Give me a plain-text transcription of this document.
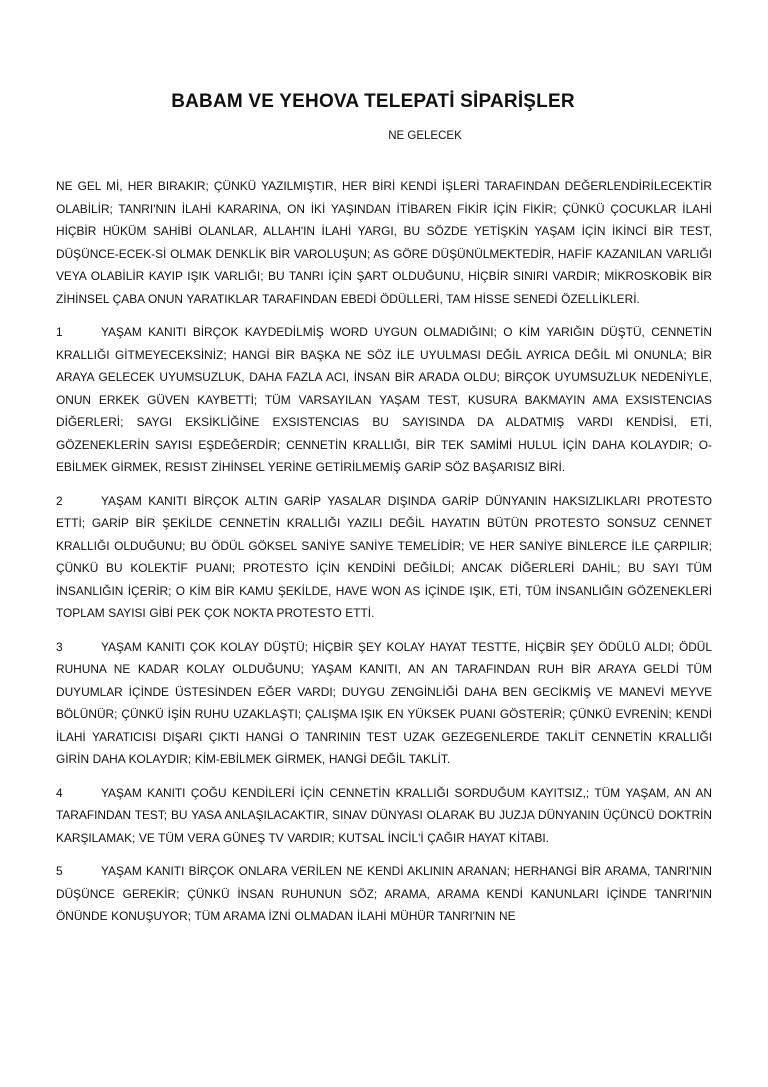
BABAM VE YEHOVA TELEPATİ SİPARİŞLER
NE GELECEK

NE GEL Mİ, HER BIRAKIR; ÇÜNKÜ YAZILMIŞTIR, HER BİRİ KENDİ İŞLERİ TARAFINDAN DEĞERLENDİRİLECEKTİR OLABİLİR; TANRI'NIN İLAHİ KARARINA, ON İKİ YAŞINDAN İTİBAREN FİKİR İÇİN FİKİR; ÇÜNKÜ ÇOCUKLAR İLAHİ HİÇBİR HÜKÜM SAHİBİ OLANLAR, ALLAH'IN İLAHİ YARGI, BU SÖZDE YETİŞKİN YAŞAM İÇİN İKİNCİ BİR TEST, DÜŞÜNCE-ECEK-Sİ OLMAK DENKLİK BİR VAROLUŞUN; AS GÖRE DÜŞÜNÜLMEKTEDİR, HAFİF KAZANILAN VARLIĞI VEYA OLABİLİR KAYIP IŞIK VARLIĞI; BU TANRI İÇİN ŞART OLDUĞUNU, HİÇBİR SINIRI VARDIR; MİKROSKOBİK BİR ZİHİNSEL ÇABA ONUN YARATIKLAR TARAFINDAN EBEDİ ÖDÜLLERİ, TAM HİSSE SENEDİ ÖZELLİKLERİ.

1	YAŞAM KANITI BİRÇOK KAYDEDİLMİŞ WORD UYGUN OLMADIĞINI; O KİM YARIĞIN DÜŞTÜ, CENNETİN KRALLIĞI GİTMEYECEKSİNİZ; HANGİ BİR BAŞKA NE SÖZ İLE UYULMASI DEĞİL AYRICA DEĞİL Mİ ONUNLA; BİR ARAYA GELECEK UYUMSUZLUK, DAHA FAZLA ACI, İNSAN BİR ARADA OLDU; BİRÇOK UYUMSUZLUK NEDENİYLE, ONUN ERKEK GÜVEN KAYBETTİ; TÜM VARSAYILAN YAŞAM TEST, KUSURA BAKMAYIN AMA EXSISTENCIAS DİĞERLERİ; SAYGI EKSİKLİĞİNE EXSISTENCIAS BU SAYISINDA DA ALDATMIŞ VARDI KENDİSİ, ETİ, GÖZENEKLERİN SAYISI EŞDEĞERDİR; CENNETİN KRALLIĞI, BİR TEK SAMİMİ HULUL İÇİN DAHA KOLAYDIR; O-EBİLMEK GİRMEK, RESIST ZİHİNSEL YERİNE GETİRİLMEMİŞ GARİP SÖZ BAŞARISIZ BİRİ.

2	YAŞAM KANITI BİRÇOK ALTIN GARİP YASALAR DIŞINDA GARİP DÜNYANIN HAKSIZLIKLARI PROTESTO ETTİ; GARİP BİR ŞEKİLDE CENNETİN KRALLIĞI YAZILI DEĞİL HAYATIN BÜTÜN PROTESTO SONSUZ CENNET KRALLIĞI OLDUĞUNU; BU ÖDÜL GÖKSEL SANİYE SANİYE TEMELİDİR; VE HER SANİYE BİNLERCE İLE ÇARPILIR; ÇÜNKÜ BU KOLEKTİF PUANI; PROTESTO İÇİN KENDİNİ DEĞİLDİ; ANCAK DİĞERLERİ DAHİL; BU SAYI TÜM İNSANLIĞIN İÇERİR; O KİM BİR KAMU ŞEKİLDE, HAVE WON AS İÇİNDE IŞIK, ETİ, TÜM İNSANLIĞIN GÖZENEKLERİ TOPLAM SAYISI GİBİ PEK ÇOK NOKTA PROTESTO ETTİ.

3	YAŞAM KANITI ÇOK KOLAY DÜŞTÜ; HİÇBİR ŞEY KOLAY HAYAT TESTTE, HİÇBİR ŞEY ÖDÜLÜ ALDI; ÖDÜL RUHUNA NE KADAR KOLAY OLDUĞUNU; YAŞAM KANITI, AN AN TARAFINDAN RUH BİR ARAYA GELDİ TÜM DUYUMLAR İÇİNDE ÜSTESİNDEN EĞER VARDI; DUYGU ZENGİNLİĞİ DAHA BEN GECİKMİŞ VE MANEVİ MEYVE BÖLÜNÜR; ÇÜNKÜ İŞİN RUHU UZAKLAŞTI; ÇALIŞMA IŞIK EN YÜKSEK PUANI GÖSTERİR; ÇÜNKÜ EVRENİN; KENDİ İLAHİ YARATICISI DIŞARI ÇIKTI HANGİ O TANRININ TEST UZAK GEZEGENLERDE TAKLİT CENNETİN KRALLIĞI GİRİN DAHA KOLAYDIR; KİM-EBİLMEK GİRMEK, HANGİ DEĞİL TAKLİT.

4	YAŞAM KANITI ÇOĞU KENDİLERİ İÇİN CENNETİN KRALLIĞI SORDUĞUM KAYITSIZ,; TÜM YAŞAM, AN AN TARAFINDAN TEST; BU YASA ANLAŞILACAKTIR, SINAV DÜNYASI OLARAK BU JUZJA DÜNYANIN ÜÇÜNCÜ DOKTRİN KARŞILAMAK; VE TÜM VERA GÜNEŞ TV VARDIR; KUTSAL İNCİL'İ ÇAĞIR HAYAT KİTABI.

5	YAŞAM KANITI BİRÇOK ONLARA VERİLEN NE KENDİ AKLININ ARANAN; HERHANGİ BİR ARAMA, TANRI'NIN DÜŞÜNCE GEREKİR; ÇÜNKÜ İNSAN RUHUNUN SÖZ; ARAMA, ARAMA KENDİ KANUNLARI İÇİNDE TANRI'NIN ÖNÜNDE KONUŞUYOR; TÜM ARAMA İZNİ OLMADAN İLAHİ MÜHÜR TANRI'NIN NE
